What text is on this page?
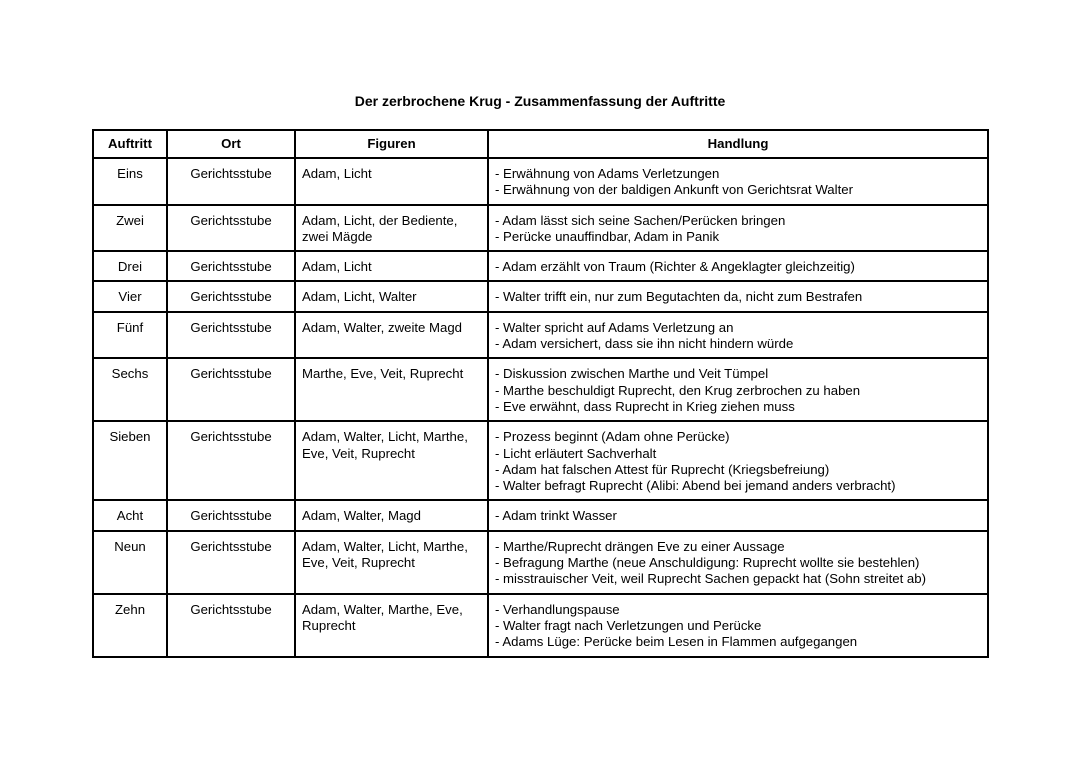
Der zerbrochene Krug - Zusammenfassung der Auftritte
Auftritt	Ort	Figuren	Handlung
Eins	Gerichtsstube	Adam, Licht	- Erwähnung von Adams Verletzungen
- Erwähnung von der baldigen Ankunft von Gerichtsrat Walter

Zwei	Gerichtsstube	Adam, Licht, der Bediente,
zwei Mägde	- Adam lässt sich seine Sachen/Perücken bringen
- Perücke unauffindbar, Adam in Panik

Drei	Gerichtsstube	Adam, Licht	- Adam erzählt von Traum (Richter & Angeklagter gleichzeitig)

Vier	Gerichtsstube	Adam, Licht, Walter	- Walter trifft ein, nur zum Begutachten da, nicht zum Bestrafen

Fünf	Gerichtsstube	Adam, Walter, zweite Magd	- Walter spricht auf Adams Verletzung an
- Adam versichert, dass sie ihn nicht hindern würde

Sechs	Gerichtsstube	Marthe, Eve, Veit, Ruprecht	- Diskussion zwischen Marthe und Veit Tümpel
- Marthe beschuldigt Ruprecht, den Krug zerbrochen zu haben
- Eve erwähnt, dass Ruprecht in Krieg ziehen muss

Sieben	Gerichtsstube	Adam, Walter, Licht, Marthe,
Eve, Veit, Ruprecht	- Prozess beginnt (Adam ohne Perücke)
- Licht erläutert Sachverhalt
- Adam hat falschen Attest für Ruprecht (Kriegsbefreiung)
- Walter befragt Ruprecht (Alibi: Abend bei jemand anders verbracht)

Acht	Gerichtsstube	Adam, Walter, Magd	- Adam trinkt Wasser

Neun	Gerichtsstube	Adam, Walter, Licht, Marthe,
Eve, Veit, Ruprecht	- Marthe/Ruprecht drängen Eve zu einer Aussage
- Befragung Marthe (neue Anschuldigung: Ruprecht wollte sie bestehlen)
- misstrauischer Veit, weil Ruprecht Sachen gepackt hat (Sohn streitet ab)

Zehn	Gerichtsstube	Adam, Walter, Marthe, Eve,
Ruprecht	- Verhandlungspause
- Walter fragt nach Verletzungen und Perücke
- Adams Lüge: Perücke beim Lesen in Flammen aufgegangen
